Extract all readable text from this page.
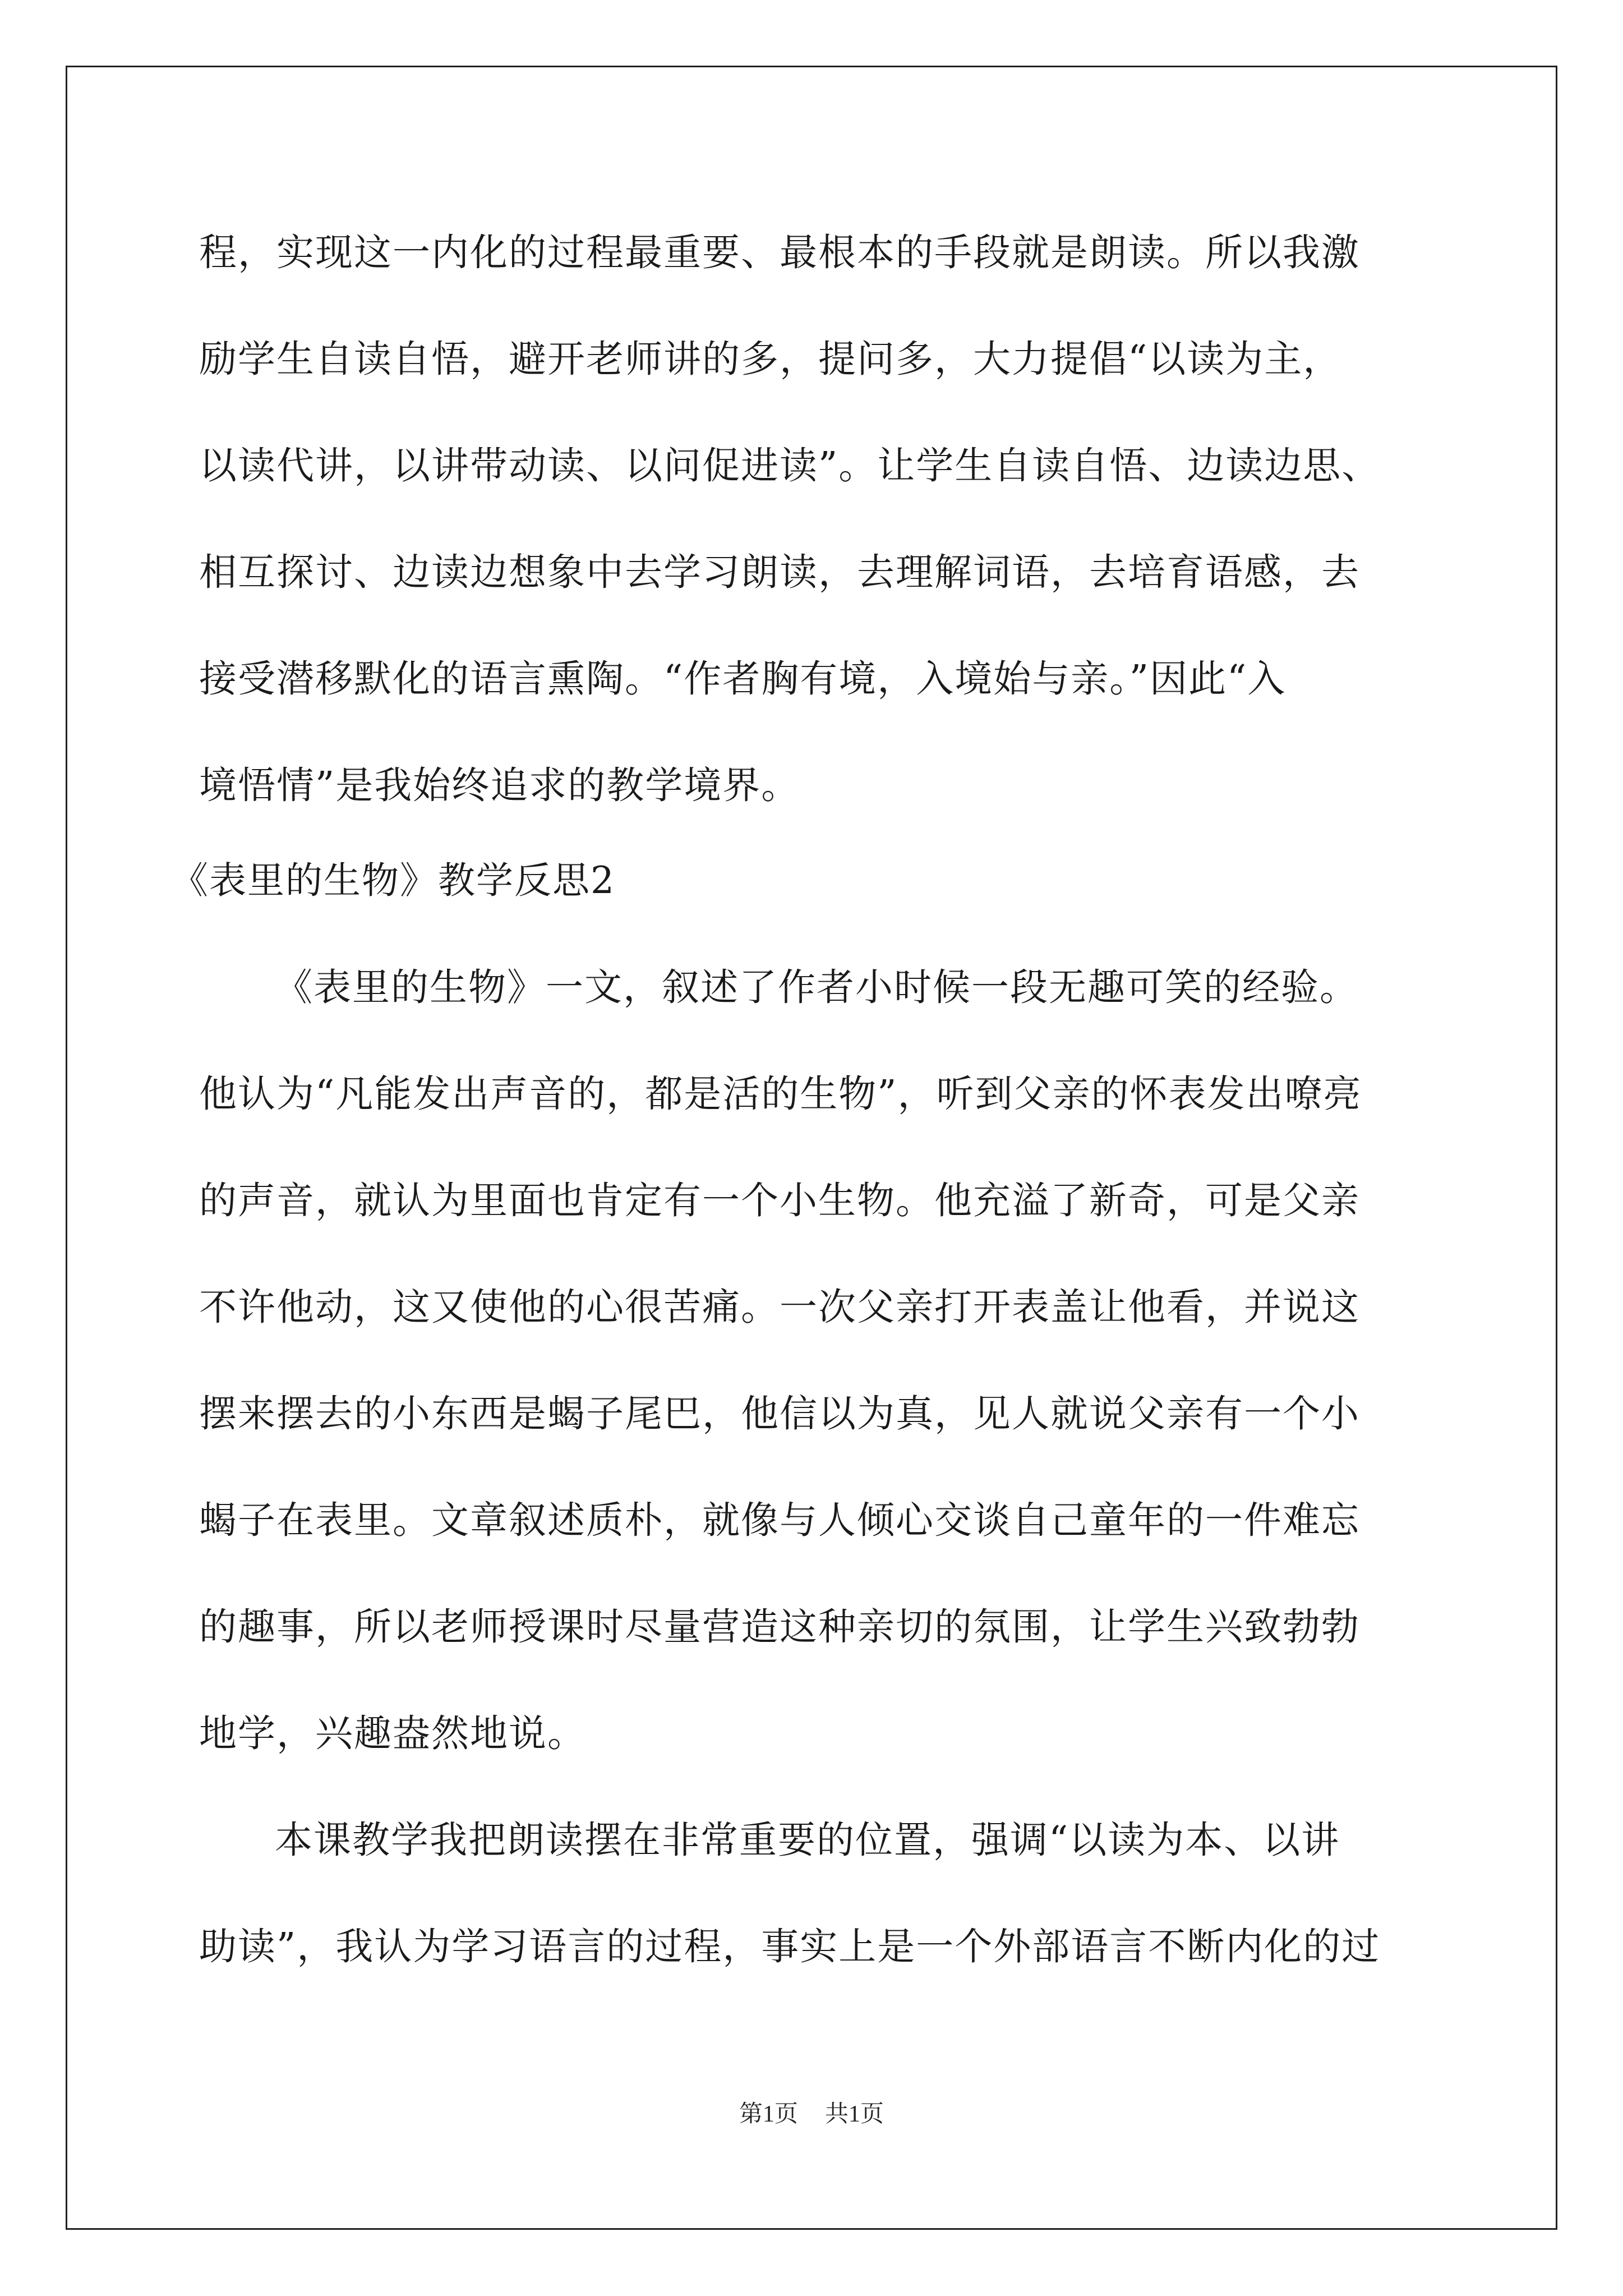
程，实现这一内化的过程最重要、最根本的手段就是朗读。所以我激
励学生自读自悟，避开老师讲的多，提问多，大力提倡“以读为主，
以读代讲，以讲带动读、以问促进读”。让学生自读自悟、边读边思、
相互探讨、边读边想象中去学习朗读，去理解词语，去培育语感，去
接受潜移默化的语言熏陶。“作者胸有境，入境始与亲。”因此“入
境悟情”是我始终追求的教学境界。
《表里的生物》教学反思2
《表里的生物》一文，叙述了作者小时候一段无趣可笑的经验。
他认为“凡能发出声音的，都是活的生物”，听到父亲的怀表发出嘹亮
的声音，就认为里面也肯定有一个小生物。他充溢了新奇，可是父亲
不许他动，这又使他的心很苦痛。一次父亲打开表盖让他看，并说这
摆来摆去的小东西是蝎子尾巴，他信以为真，见人就说父亲有一个小
蝎子在表里。文章叙述质朴，就像与人倾心交谈自己童年的一件难忘
的趣事，所以老师授课时尽量营造这种亲切的氛围，让学生兴致勃勃
地学，兴趣盎然地说。
本课教学我把朗读摆在非常重要的位置，强调“以读为本、以讲
助读”，我认为学习语言的过程，事实上是一个外部语言不断内化的过
第1页 共1页
